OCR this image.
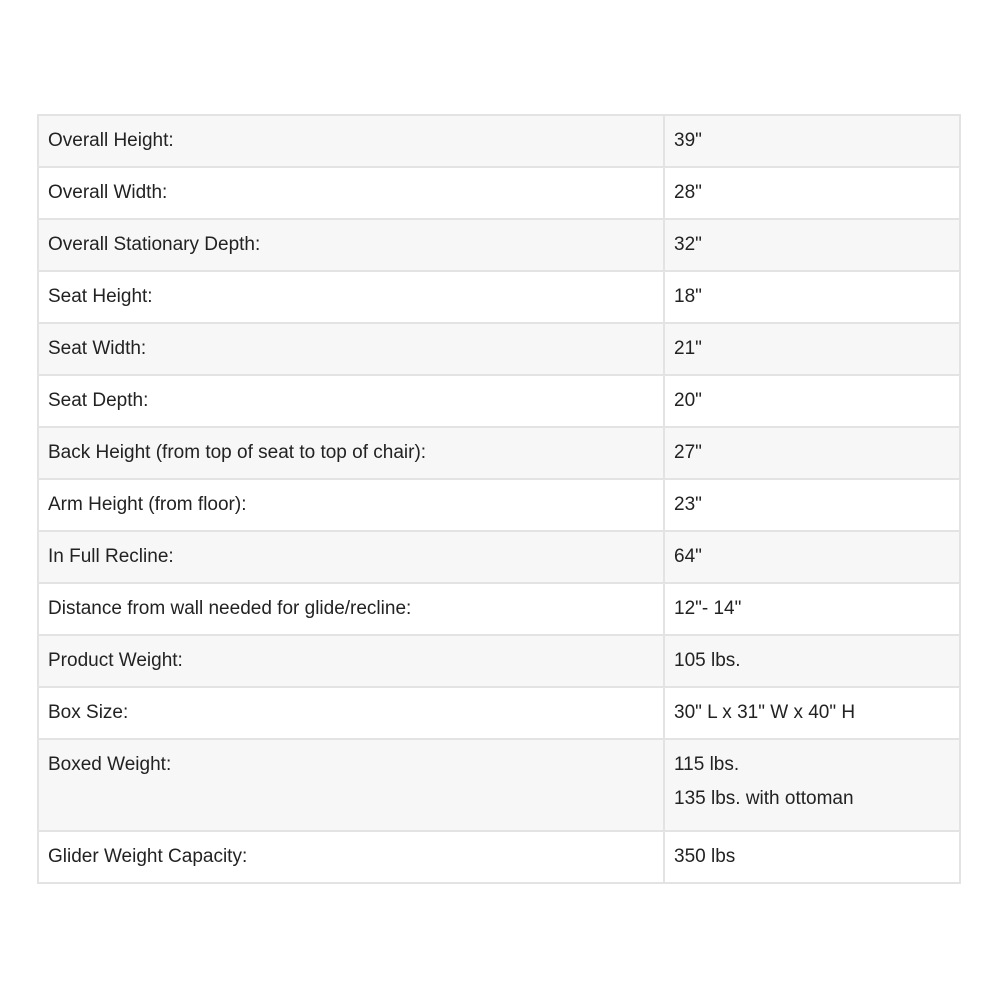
Overall Height:	39"

Overall Width:	28"

Overall Stationary Depth:	32"

Seat Height:	18"

Seat Width:	21"

Seat Depth:	20"

Back Height (from top of seat to top of chair):	27"

Arm Height (from floor):	23"

In Full Recline:	64"

Distance from wall needed for glide/recline:	12"- 14"

Product Weight:	105 lbs.

Box Size:	30" L x 31" W x 40" H

Boxed Weight:	115 lbs.
135 lbs. with ottoman

Glider Weight Capacity:	350 lbs
